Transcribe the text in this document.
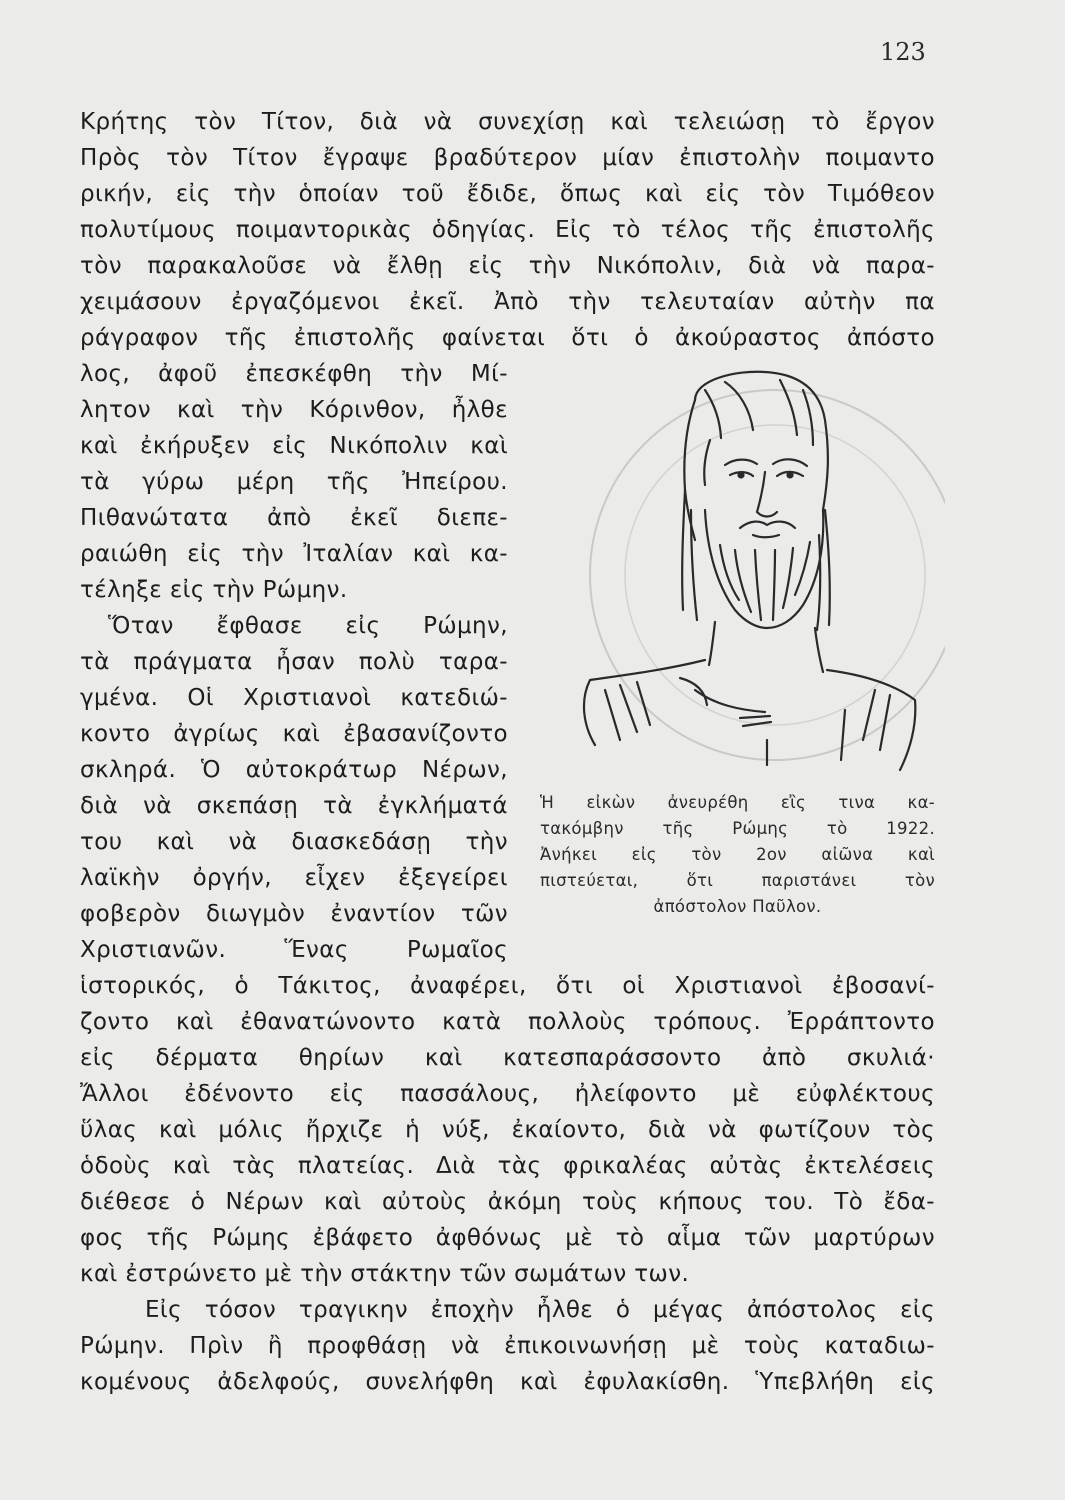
123

Κρήτης τὸν Τίτον, διὰ νὰ συνεχίσῃ καὶ τελειώσῃ τὸ ἔργον

Πρὸς τὸν Τίτον ἔγραψε βραδύτερον μίαν ἐπιστολὴν ποιμαντο

ρικήν, εἰς τὴν ὁποίαν τοῦ ἔδιδε, ὅπως καὶ εἰς τὸν Τιμόθεον

πολυτίμους ποιμαντορικὰς ὁδηγίας. Εἰς τὸ τέλος τῆς ἐπιστολῆς

τὸν παρακαλοῦσε νὰ ἔλθῃ εἰς τὴν Νικόπολιν, διὰ νὰ παρα-

χειμάσουν ἐργαζόμενοι ἐκεῖ. Ἀπὸ τὴν τελευταίαν αὐτὴν πα

ράγραφον τῆς ἐπιστολῆς φαίνεται ὅτι ὁ ἀκούραστος ἀπόστο

λος, ἀφοῦ ἐπεσκέφθη τὴν Μί-

λητον καὶ τὴν Κόρινθον, ἦλθε

καὶ ἐκήρυξεν εἰς Νικόπολιν καὶ

τὰ γύρω μέρη τῆς Ἠπείρου.

Πιθανώτατα ἀπὸ ἐκεῖ διεπε-

ραιώθη εἰς τὴν Ἰταλίαν καὶ κα-

τέληξε εἰς τὴν Ρώμην.

Ὅταν ἔφθασε εἰς Ρώμην,

τὰ πράγματα ἦσαν πολὺ ταρα-

γμένα. Οἱ Χριστιανοὶ κατεδιώ-

κοντο ἀγρίως καὶ ἐβασανίζοντο

σκληρά. Ὁ αὐτοκράτωρ Νέρων,

διὰ νὰ σκεπάσῃ τὰ ἐγκλήματά

του καὶ νὰ διασκεδάσῃ τὴν

λαϊκὴν ὀργήν, εἶχεν ἐξεγείρει

φοβερὸν διωγμὸν ἐναντίον τῶν

Χριστιανῶν. Ἕνας Ρωμαῖος

ἱστορικός, ὁ Τάκιτος, ἀναφέρει, ὅτι οἱ Χριστιανοὶ ἐβοσανί-

ζοντο καὶ ἐθανατώνοντο κατὰ πολλοὺς τρόπους. Ἐρράπτοντο

εἰς δέρματα θηρίων καὶ κατεσπαράσσοντο ἀπὸ σκυλιά·

Ἄλλοι ἐδένοντο εἰς πασσάλους, ἠλείφοντο μὲ εὐφλέκτους

ὕλας καὶ μόλις ἤρχιζε ἡ νύξ, ἐκαίοντο, διὰ νὰ φωτίζουν τὸς

ὁδοὺς καὶ τὰς πλατείας. Διὰ τὰς φρικαλέας αὐτὰς ἐκτελέσεις

διέθεσε ὁ Νέρων καὶ αὐτοὺς ἀκόμη τοὺς κήπους του. Τὸ ἔδα-

φος τῆς Ρώμης ἐβάφετο ἀφθόνως μὲ τὸ αἷμα τῶν μαρτύρων

καὶ ἐστρώνετο μὲ τὴν στάκτην τῶν σωμάτων των.

Εἰς τόσον τραγικην ἐποχὴν ἦλθε ὁ μέγας ἀπόστολος εἰς

Ρώμην. Πρὶν ἢ προφθάσῃ νὰ ἐπικοινωνήσῃ μὲ τοὺς καταδιω-

κομένους ἀδελφούς, συνελήφθη καὶ ἐφυλακίσθη. Ὑπεβλήθη εἰς

Ἡ εἰκὼν ἀνευρέθη εἲς τινα κα-

τακόμβην τῆς Ρώμης τὸ 1922.

Ἀνήκει εἰς τὸν 2ον αἰῶνα καὶ

πιστεύεται, ὅτι παριστάνει τὸν

ἀπόστολον Παῦλον.
